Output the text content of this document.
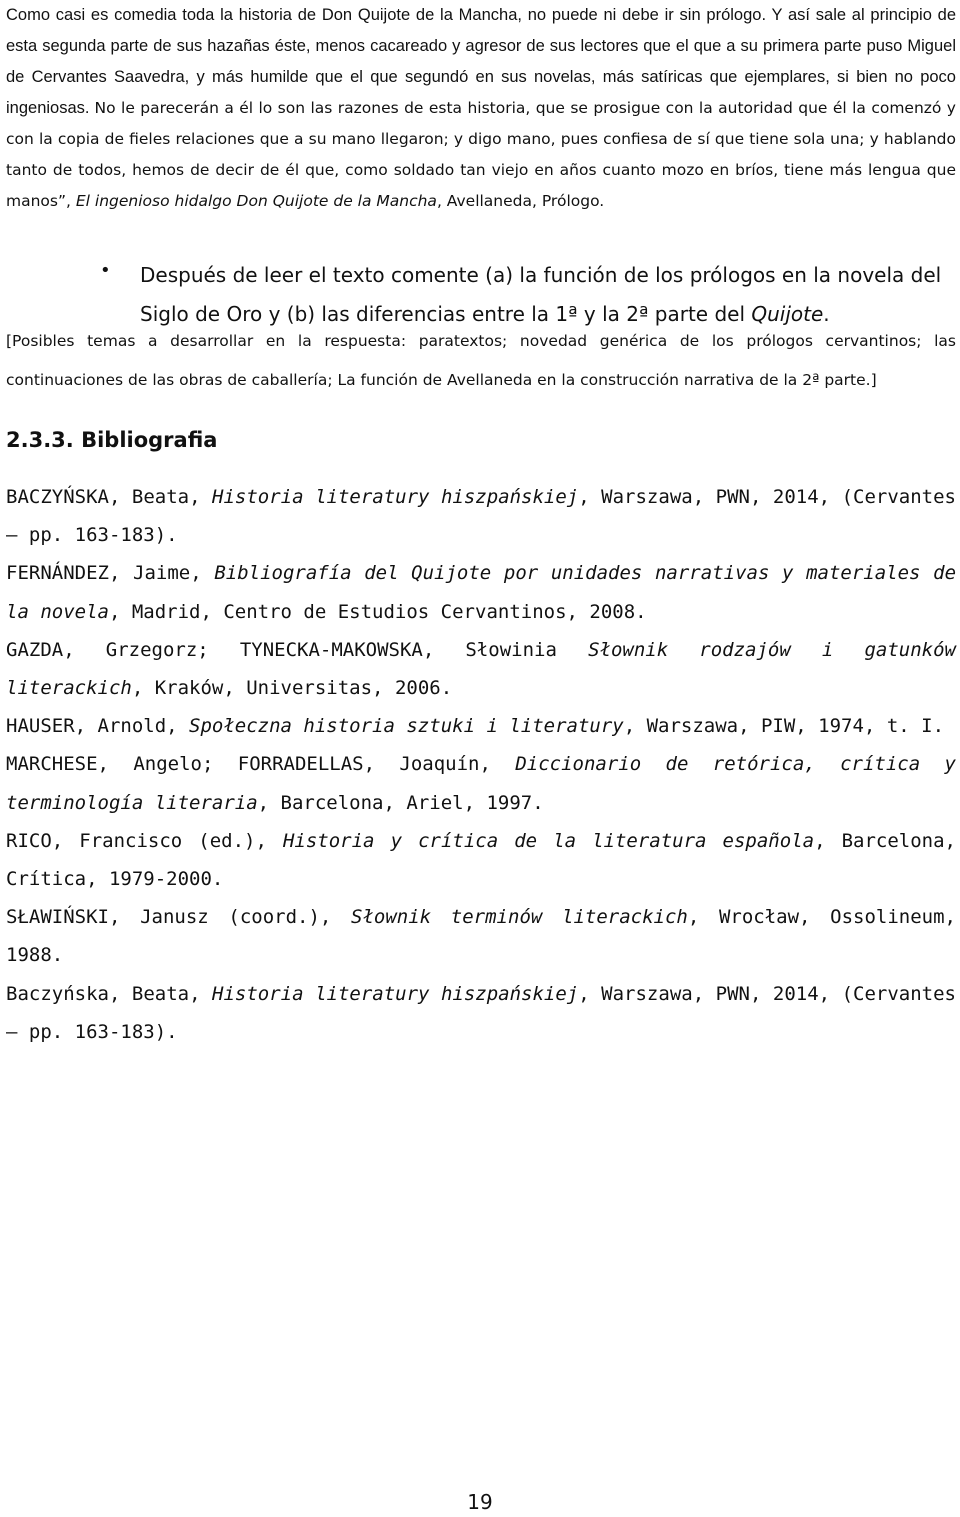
Como casi es comedia toda la historia de Don Quijote de la Mancha, no puede ni debe ir sin prólogo. Y así sale al principio de esta segunda parte de sus hazañas éste, menos cacareado y agresor de sus lectores que el que a su primera parte puso Miguel de Cervantes Saavedra, y más humilde que el que segundó en sus novelas, más satíricas que ejemplares, si bien no poco ingeniosas. No le parecerán a él lo son las razones de esta historia, que se prosigue con la autoridad que él la comenzó y con la copia de fieles relaciones que a su mano llegaron; y digo mano, pues confiesa de sí que tiene sola una; y hablando tanto de todos, hemos de decir de él que, como soldado tan viejo en años cuanto mozo en bríos, tiene más lengua que manos”, El ingenioso hidalgo Don Quijote de la Mancha, Avellaneda, Prólogo.

•

Después de leer el texto comente (a) la función de los prólogos en la novela del Siglo de Oro y (b) las diferencias entre la 1ª y la 2ª parte del Quijote.

[Posibles temas a desarrollar en la respuesta: paratextos; novedad genérica de los prólogos cervantinos; las continuaciones de las obras de caballería; La función de Avellaneda en la construcción narrativa de la 2ª parte.]

2.3.3. Bibliografia
BACZYŃSKA, Beata, Historia literatury hiszpańskiej, Warszawa, PWN, 2014, (Cervantes – pp. 163-183).
FERNÁNDEZ, Jaime, Bibliografía del Quijote por unidades narrativas y materiales de la novela, Madrid, Centro de Estudios Cervantinos, 2008.
GAZDA, Grzegorz; TYNECKA-MAKOWSKA, Słowinia Słownik rodzajów i gatunków literackich, Kraków, Universitas, 2006.
HAUSER, Arnold, Społeczna historia sztuki i literatury, Warszawa, PIW, 1974, t. I.
MARCHESE, Angelo; FORRADELLAS, Joaquín, Diccionario de retórica, crítica y terminología literaria, Barcelona, Ariel, 1997.
RICO, Francisco (ed.), Historia y crítica de la literatura española, Barcelona, Crítica, 1979-2000.
SŁAWIŃSKI, Janusz (coord.), Słownik terminów literackich, Wrocław, Ossolineum, 1988.
Baczyńska, Beata, Historia literatury hiszpańskiej, Warszawa, PWN, 2014, (Cervantes – pp. 163-183).
19
